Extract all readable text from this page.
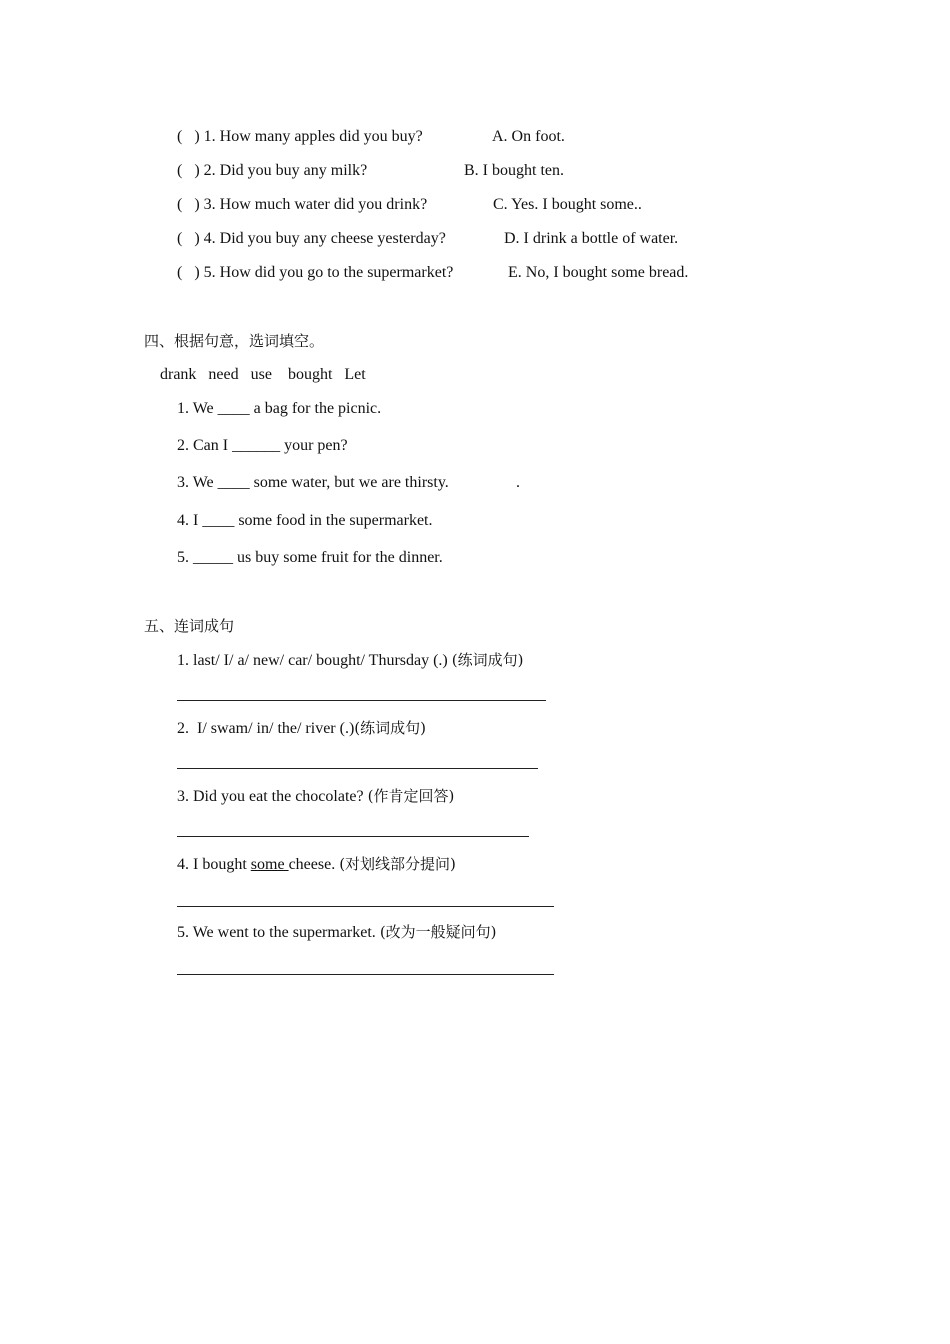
(   ) 1. How many apples did you buy?	A. On foot.
(   ) 2. Did you buy any milk?	B. I bought ten.
(   ) 3. How much water did you drink?	C. Yes. I bought some..
(   ) 4. Did you buy any cheese yesterday?	D. I drink a bottle of water.
(   ) 5. How did you go to the supermarket?	E. No, I bought some bread.
四、根据句意，选词填空。
drank   need   use    bought   Let
1. We ____ a bag for the picnic.
2. Can I ______ your pen?
3. We ____ some water, but we are thirsty.	.
4. I ____ some food in the supermarket.
5. _____ us buy some fruit for the dinner.
五、连词成句
1. last/ I/ a/ new/ car/ bought/ Thursday (.) (练词成句)
2.  I/ swam/ in/ the/ river (.)(练词成句)
3. Did you eat the chocolate? (作肯定回答)
4. I bought some cheese. (对划线部分提问)
5. We went to the supermarket. (改为一般疑问句)
